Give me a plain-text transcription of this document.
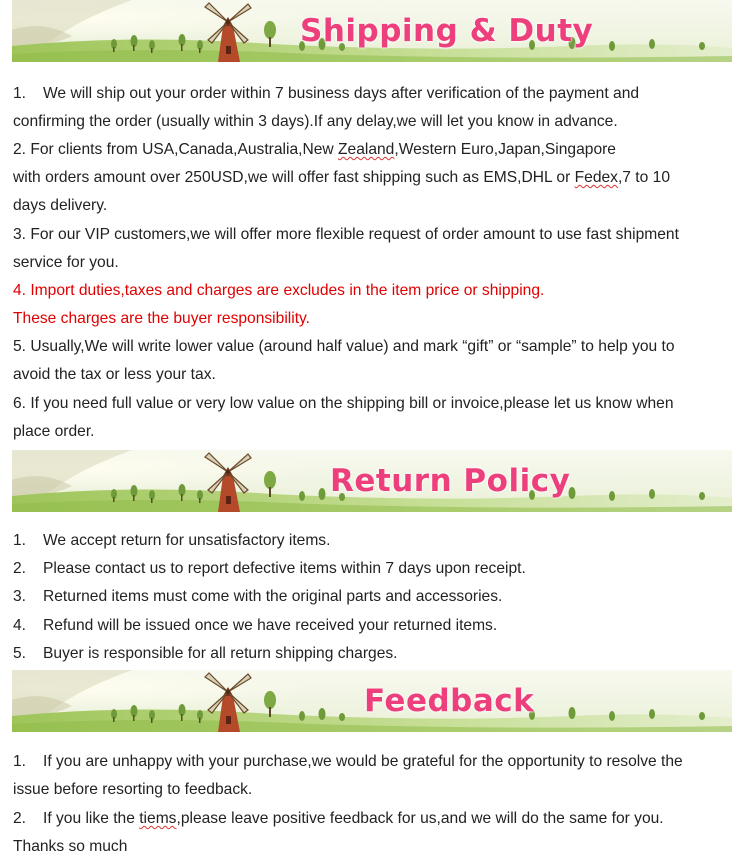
Shipping & Duty
1. We will ship out your order within 7 business days after verification of the payment and
confirming the order (usually within 3 days).If any delay,we will let you know in advance.
2. For clients from USA,Canada,Australia,New Zealand,Western Euro,Japan,Singapore
with orders amount over 250USD,we will offer fast shipping such as EMS,DHL or Fedex,7 to 10
days delivery.
3. For our VIP customers,we will offer more flexible request of order amount to use fast shipment
service for you.
4. Import duties,taxes and charges are excludes in the item price or shipping.
These charges are the buyer responsibility.
5. Usually,We will write lower value (around half value) and mark “gift” or “sample” to help you to
avoid the tax or less your tax.
6. If you need full value or very low value on the shipping bill or invoice,please let us know when
place order.
Return Policy
1. We accept return for unsatisfactory items.
2. Please contact us to report defective items within 7 days upon receipt.
3. Returned items must come with the original parts and accessories.
4. Refund will be issued once we have received your returned items.
5. Buyer is responsible for all return shipping charges.
Feedback
1. If you are unhappy with your purchase,we would be grateful for the opportunity to resolve the
issue before resorting to feedback.
2. If you like the tiems,please leave positive feedback for us,and we will do the same for you.
Thanks so much
